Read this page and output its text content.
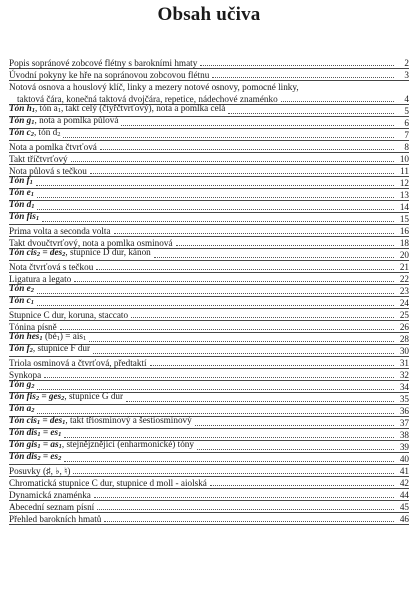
Obsah učiva
Popis sopránové zobcové flétny s barokními hmaty	2
Úvodní pokyny ke hře na sopránovou zobcovou flétnu	3
Notová osnova a houslový klíč, linky a mezery notové osnovy, pomocné linky,
taktová čára, konečná taktová dvojčára, repetice, nádechové znaménko	4
Tón $h_1$, tón $a_1$, takt celý (čtyřčtvrťový), nota a pomlka celá	5
Tón $g_1$, nota a pomlka půlová	6
Tón $c_2$, tón $d_2$	7
Nota a pomlka čtvrťová	8
Takt tříčtvrťový	10
Nota půlová s tečkou	11
Tón $f_1$	12
Tón $e_1$	13
Tón $d_1$	14
Tón fis$_1$	15
Prima volta a seconda volta	16
Takt dvoučtvrťový, nota a pomlka osminová	18
Tón cis$_2$ = des$_2$, stupnice D dur, kánon	20
Nota čtvrťová s tečkou	21
Ligatura a legato	22
Tón $e_2$	23
Tón $c_1$	24
Stupnice C dur, koruna, staccato	25
Tónina písně	26
Tón hes$_1$ $(bé_1) = ais_1$	28
Tón $f_2$, stupnice F dur	30
Triola osminová a čtvrťová, předtaktí	31
Synkopa	32
Tón $g_2$	34
Tón fis$_2$ = ges$_2$, stupnice G dur	35
Tón $a_2$	36
Tón cis$_1$ = des$_1$, takt tříosminový a šestiosminový	37
Tón $dis_1 = es_1$	38
Tón $gis_1 = as_1$, stejnějznějící (enharmonické) tóny	39
Tón $dis_2 = es_2$	40
Posuvky (♯, ♭, ♮)	41
Chromatická stupnice C dur, stupnice d moll - aiolská	42
Dynamická znaménka	44
Abecední seznam písní	45
Přehled barokních hmatů	46
